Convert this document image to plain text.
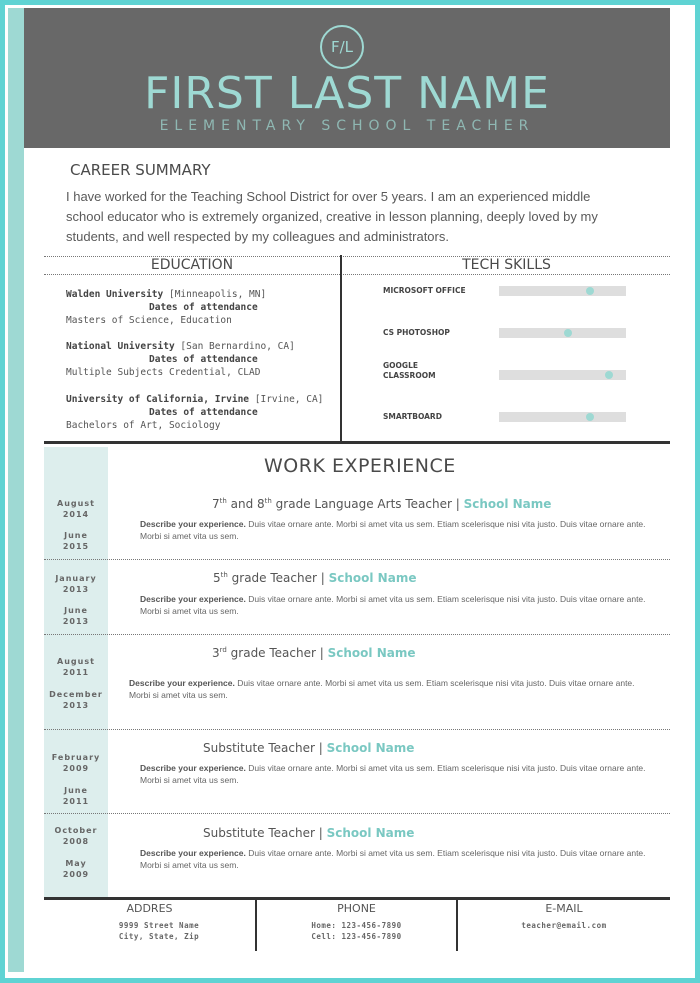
F/L
FIRST LAST NAME
ELEMENTARY SCHOOL TEACHER
CAREER SUMMARY
I have worked for the Teaching School District for over 5 years. I am an experienced middle school educator who is extremely organized, creative in lesson planning, deeply loved by my students, and well respected by my colleagues and administrators.
EDUCATION	TECH SKILLS
Walden University [Minneapolis, MN]
Dates of attendance
Masters of Science, Education
National University [San Bernardino, CA]
Dates of attendance
Multiple Subjects Credential, CLAD
University of California, Irvine [Irvine, CA]
Dates of attendance
Bachelors of Art, Sociology
MICROSOFT OFFICE
CS PHOTOSHOP
GOOGLE CLASSROOM
SMARTBOARD
WORK EXPERIENCE
August
2014
June
2015
7th and 8th grade Language Arts Teacher | School Name
Describe your experience. Duis vitae ornare ante. Morbi si amet vita us sem. Etiam scelerisque nisi vita justo. Duis vitae ornare ante. Morbi si amet vita us sem.
January
2013
June
2013
5th grade Teacher | School Name
Describe your experience. Duis vitae ornare ante. Morbi si amet vita us sem. Etiam scelerisque nisi vita justo. Duis vitae ornare ante. Morbi si amet vita us sem.
August
2011
December
2013
3rd grade Teacher | School Name
Describe your experience. Duis vitae ornare ante. Morbi si amet vita us sem. Etiam scelerisque nisi vita justo. Duis vitae ornare ante. Morbi si amet vita us sem.
February
2009
June
2011
Substitute Teacher | School Name
Describe your experience. Duis vitae ornare ante. Morbi si amet vita us sem. Etiam scelerisque nisi vita justo. Duis vitae ornare ante. Morbi si amet vita us sem.
October
2008
May
2009
Substitute Teacher | School Name
Describe your experience. Duis vitae ornare ante. Morbi si amet vita us sem. Etiam scelerisque nisi vita justo. Duis vitae ornare ante. Morbi si amet vita us sem.
ADDRES
9999 Street Name
City, State, Zip
PHONE
Home: 123-456-7890
Cell: 123-456-7890
E-MAIL
teacher@email.com
